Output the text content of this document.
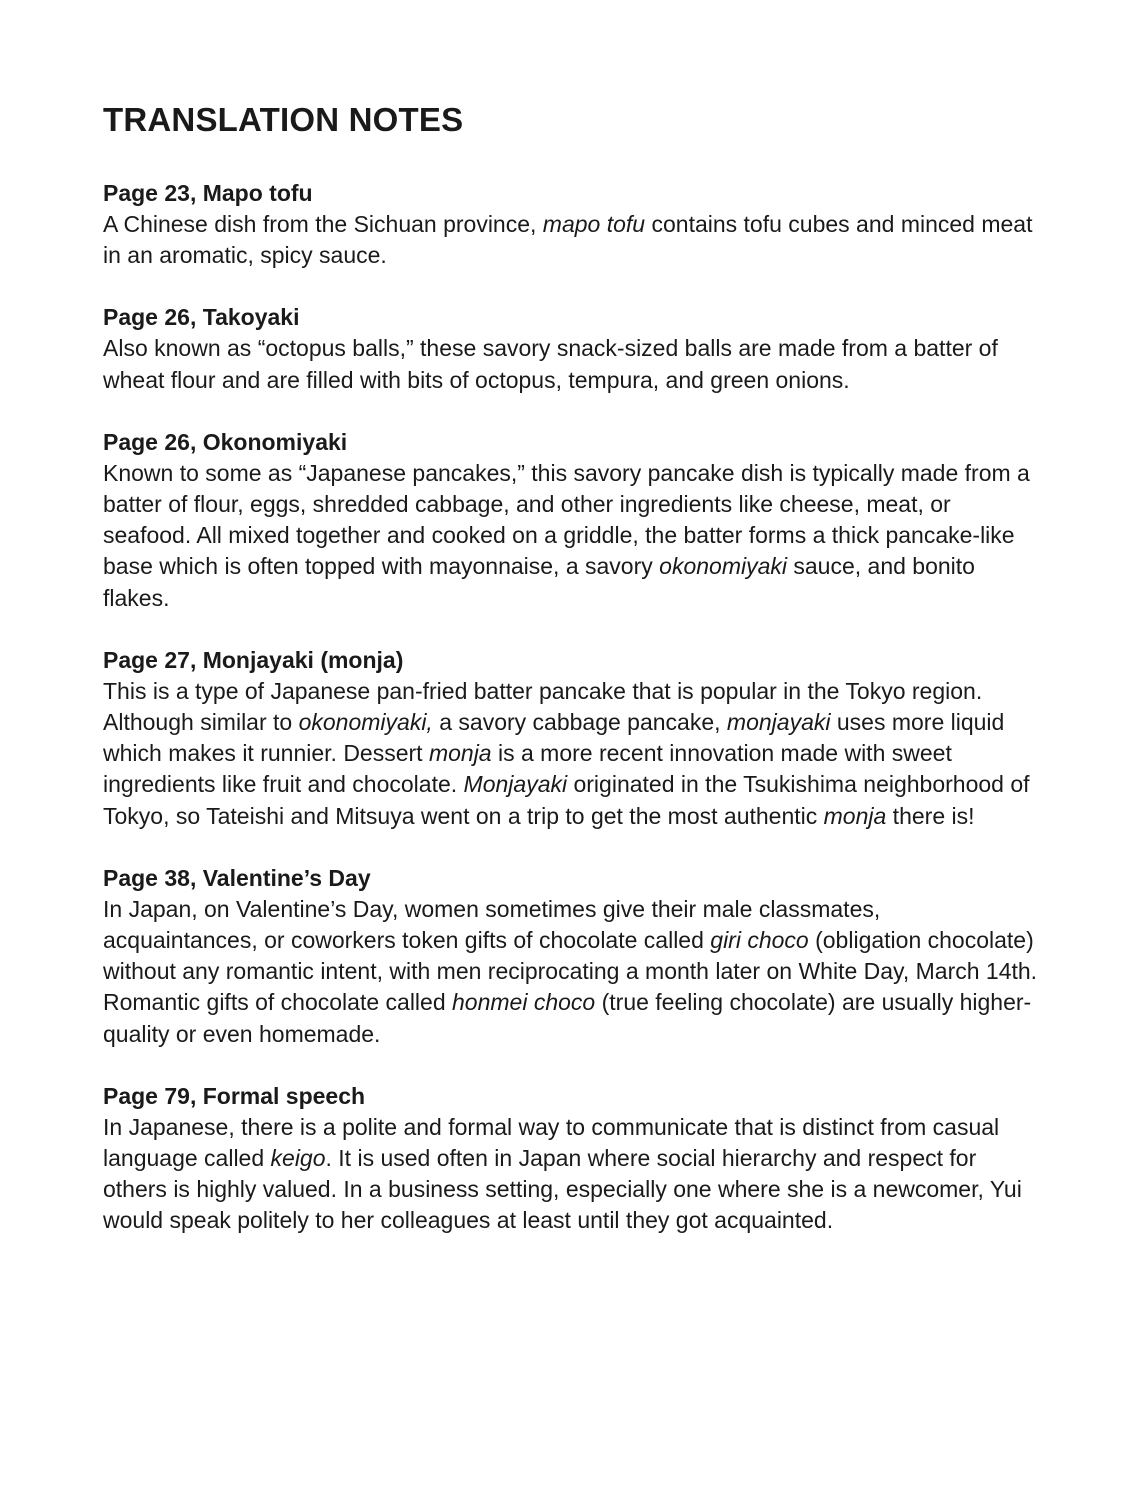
TRANSLATION NOTES

Page 23, Mapo tofu

A Chinese dish from the Sichuan province, mapo tofu contains tofu cubes and minced meat in an aromatic, spicy sauce.

Page 26, Takoyaki

Also known as “octopus balls,” these savory snack-sized balls are made from a batter of wheat flour and are filled with bits of octopus, tempura, and green onions.

Page 26, Okonomiyaki

Known to some as “Japanese pancakes,” this savory pancake dish is typically made from a batter of flour, eggs, shredded cabbage, and other ingredients like cheese, meat, or seafood. All mixed together and cooked on a griddle, the batter forms a thick pancake-like base which is often topped with mayonnaise, a savory okonomiyaki sauce, and bonito flakes.

Page 27, Monjayaki (monja)

This is a type of Japanese pan-fried batter pancake that is popular in the Tokyo region. Although similar to okonomiyaki, a savory cabbage pancake, monjayaki uses more liquid which makes it runnier. Dessert monja is a more recent innovation made with sweet ingredients like fruit and chocolate. Monjayaki originated in the Tsukishima neighborhood of Tokyo, so Tateishi and Mitsuya went on a trip to get the most authentic monja there is!

Page 38, Valentine’s Day

In Japan, on Valentine’s Day, women sometimes give their male classmates, acquaintances, or coworkers token gifts of chocolate called giri choco (obligation chocolate) without any romantic intent, with men reciprocating a month later on White Day, March 14th. Romantic gifts of chocolate called honmei choco (true feeling chocolate) are usually higher-quality or even homemade.

Page 79, Formal speech

In Japanese, there is a polite and formal way to communicate that is distinct from casual language called keigo. It is used often in Japan where social hierarchy and respect for others is highly valued. In a business setting, especially one where she is a newcomer, Yui would speak politely to her colleagues at least until they got acquainted.
